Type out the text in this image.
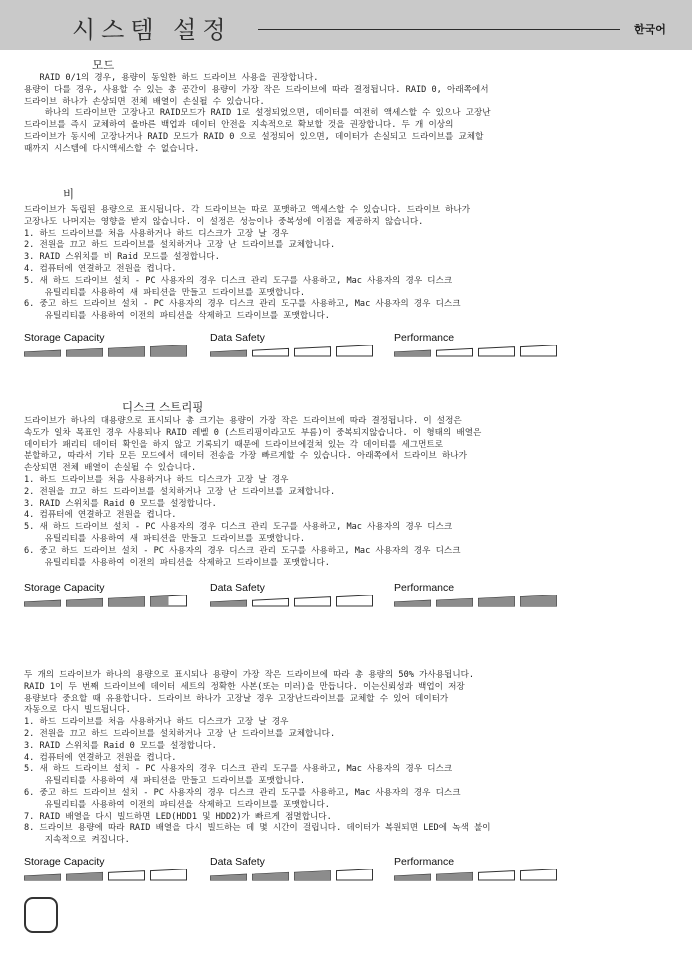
시스템 설정	한국어
모드
RAID 0/1의 경우, 용량이 동일한 하드 드라이브 사용을 권장합니다.
용량이 다를 경우, 사용할 수 있는 총 공간이 용량이 가장 작은 드라이브에 따라 결정됩니다. RAID 0, 아래쪽에서
드라이브 하나가 손상되면 전체 배열이 손실될 수 있습니다.
하나의 드라이브만 고장나고 RAID모드가 RAID 1로 설정되었으면, 데이터를 여전히 액세스할 수 있으나 고장난
드라이브를 즉시 교체하여 올바른 백업과 데이터 안전을 지속적으로 확보할 것을 권장합니다. 두 개 이상의
드라이브가 동시에 고장나거나 RAID 모드가 RAID 0 으로 설정되어 있으면, 데이터가 손실되고 드라이브를 교체할
때까지 시스템에 다시액세스할 수 없습니다.
비
드라이브가 독립된 용량으로 표시됩니다. 각 드라이브는 따로 포맷하고 액세스할 수 있습니다. 드라이브 하나가
고장나도 나머지는 영향을 받지 않습니다. 이 설정은 성능이나 중복성에 이점을 제공하지 않습니다.
1. 하드 드라이브를 처음 사용하거나 하드 디스크가 고장 날 경우
2. 전원을 끄고 하드 드라이브를 설치하거나 고장 난 드라이브를 교체합니다.
3. RAID 스위치를 비 Raid 모드를 설정합니다.
4. 컴퓨터에 연결하고 전원을 켭니다.
5. 새 하드 드라이브 설치 - PC 사용자의 경우 디스크 관리 도구를 사용하고, Mac 사용자의 경우 디스크
유틸리티를 사용하여 새 파티션을 만들고 드라이브를 포맷합니다.
6. 중고 하드 드라이브 설치 - PC 사용자의 경우 디스크 관리 도구를 사용하고, Mac 사용자의 경우 디스크
유틸리티를 사용하여 이전의 파티션을 삭제하고 드라이브를 포맷합니다.
Storage Capacity	Data Safety	Performance
디스크 스트리핑
드라이브가 하나의 대용량으로 표시되나 총 크기는 용량이 가장 작은 드라이브에 따라 결정됩니다. 이 설정은
속도가 일차 목표인 경우 사용되나 RAID 레벨 0 (스트리핑이라고도 부름)이 중복되지않습니다. 이 형태의 배열은
데이터가 패리티 데이터 확인을 하지 않고 기록되기 때문에 드라이브에걸쳐 있는 각 데이터를 세그먼트로
분할하고, 따라서 기타 모든 모드에서 데이터 전송을 가장 빠르게할 수 있습니다. 아래쪽에서 드라이브 하나가
손상되면 전체 배열이 손실될 수 있습니다.
1. 하드 드라이브를 처음 사용하거나 하드 디스크가 고장 날 경우
2. 전원을 끄고 하드 드라이브를 설치하거나 고장 난 드라이브를 교체합니다.
3. RAID 스위치를 Raid 0 모드를 설정합니다.
4. 컴퓨터에 연결하고 전원을 켭니다.
5. 새 하드 드라이브 설치 - PC 사용자의 경우 디스크 관리 도구를 사용하고, Mac 사용자의 경우 디스크
유틸리티를 사용하여 새 파티션을 만들고 드라이브를 포맷합니다.
6. 중고 하드 드라이브 설치 - PC 사용자의 경우 디스크 관리 도구를 사용하고, Mac 사용자의 경우 디스크
유틸리티를 사용하여 이전의 파티션을 삭제하고 드라이브를 포맷합니다.
Storage Capacity	Data Safety	Performance
두 개의 드라이브가 하나의 용량으로 표시되나 용량이 가장 작은 드라이브에 따라 총 용량의 50% 가사용됩니다.
RAID 1이 두 번째 드라이브에 데이터 세트의 정확한 사본(또는 미러)을 만듭니다. 이는신뢰성과 백업이 저장
용량보다 중요할 때 유용합니다. 드라이브 하나가 고장날 경우 고장난드라이브를 교체할 수 있어 데이터가
자동으로 다시 빌드됩니다.
1. 하드 드라이브를 처음 사용하거나 하드 디스크가 고장 날 경우
2. 전원을 끄고 하드 드라이브를 설치하거나 고장 난 드라이브를 교체합니다.
3. RAID 스위치를 Raid 0 모드를 설정합니다.
4. 컴퓨터에 연결하고 전원을 켭니다.
5. 새 하드 드라이브 설치 - PC 사용자의 경우 디스크 관리 도구를 사용하고, Mac 사용자의 경우 디스크
유틸리티를 사용하여 새 파티션을 만들고 드라이브를 포맷합니다.
6. 중고 하드 드라이브 설치 - PC 사용자의 경우 디스크 관리 도구를 사용하고, Mac 사용자의 경우 디스크
유틸리티를 사용하여 이전의 파티션을 삭제하고 드라이브를 포맷합니다.
7. RAID 배열을 다시 빌드하면 LED(HDD1 및 HDD2)가 빠르게 점멸합니다.
8. 드라이브 용량에 따라 RAID 배열을 다시 빌드하는 데 몇 시간이 걸립니다. 데이터가 복원되면 LED에 녹색 불이
지속적으로 켜집니다.
Storage Capacity	Data Safety	Performance
